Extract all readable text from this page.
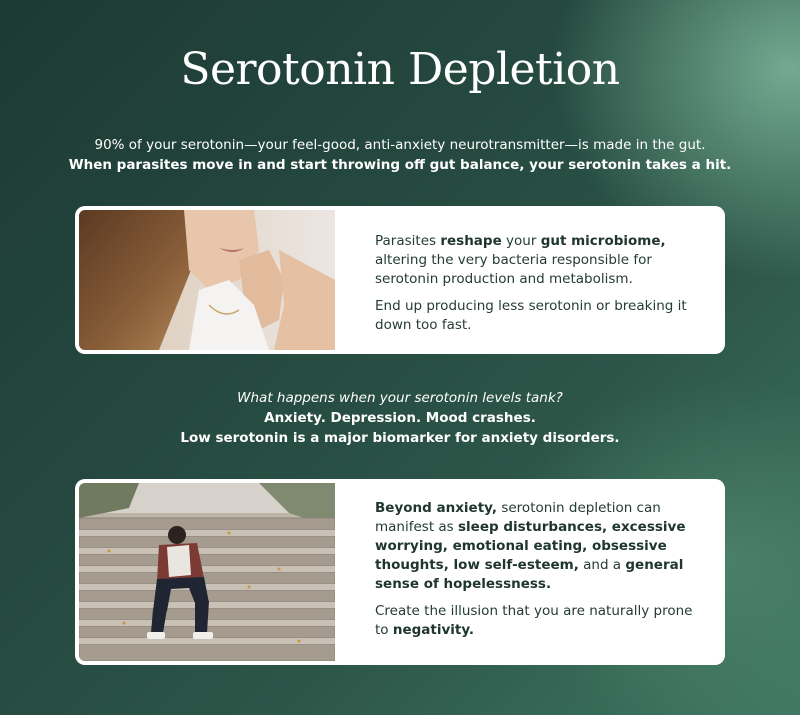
Serotonin Depletion
90% of your serotonin—your feel-good, anti-anxiety neurotransmitter—is made in the gut.
When parasites move in and start throwing off gut balance, your serotonin takes a hit.

Parasites reshape your gut microbiome, altering the very bacteria responsible for serotonin production and metabolism.

End up producing less serotonin or breaking it down too fast.

What happens when your serotonin levels tank?
Anxiety. Depression. Mood crashes.
Low serotonin is a major biomarker for anxiety disorders.

Beyond anxiety, serotonin depletion can manifest as sleep disturbances, excessive worrying, emotional eating, obsessive thoughts, low self-esteem, and a general sense of hopelessness.

Create the illusion that you are naturally prone to negativity.
